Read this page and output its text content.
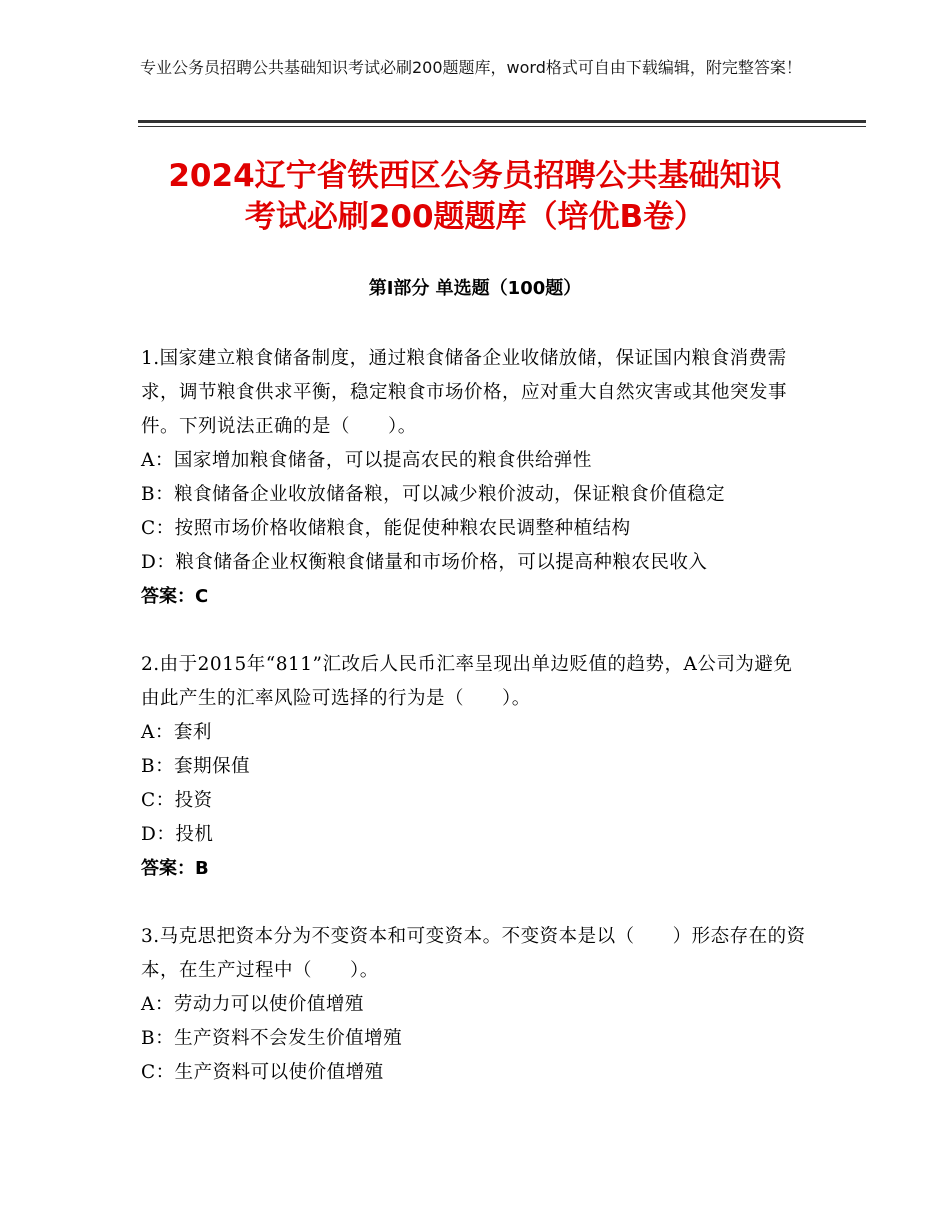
专业公务员招聘公共基础知识考试必刷200题题库，word格式可自由下载编辑，附完整答案！
2024辽宁省铁西区公务员招聘公共基础知识
考试必刷200题题库（培优B卷）
第Ⅰ部分 单选题（100题）

1.国家建立粮食储备制度，通过粮食储备企业收储放储，保证国内粮食消费需求，调节粮食供求平衡，稳定粮食市场价格，应对重大自然灾害或其他突发事件。下列说法正确的是（　　）。

A：国家增加粮食储备，可以提高农民的粮食供给弹性

B：粮食储备企业收放储备粮，可以减少粮价波动，保证粮食价值稳定

C：按照市场价格收储粮食，能促使种粮农民调整种植结构

D：粮食储备企业权衡粮食储量和市场价格，可以提高种粮农民收入

答案：C

2.由于2015年“811”汇改后人民币汇率呈现出单边贬值的趋势，A公司为避免由此产生的汇率风险可选择的行为是（　　）。

A：套利

B：套期保值

C：投资

D：投机

答案：B

3.马克思把资本分为不变资本和可变资本。不变资本是以（　　）形态存在的资本，在生产过程中（　　）。

A：劳动力可以使价值增殖

B：生产资料不会发生价值增殖

C：生产资料可以使价值增殖
